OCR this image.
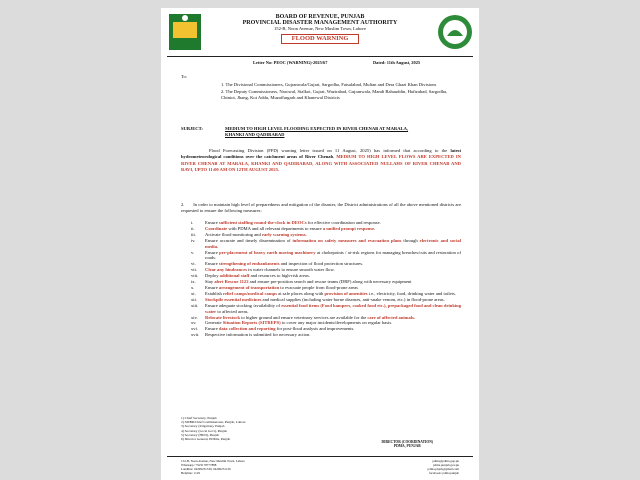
BOARD OF REVENUE, PUNJAB
PROVINCIAL DISASTER MANAGEMENT AUTHORITY
152-B, Noon Avenue, New Muslim Town, Lahore
FLOOD WARNING
Letter No: PEOC (WARNING)-2025/67	Dated: 11th August, 2025
To:
1. The Divisional Commissioners, Gujranwala/Gujrat, Sargodha, Faisalabad, Multan and Dera Ghazi Khan Divisions
2. The Deputy Commissioners, Narowal, Sialkot, Gujrat, Wazirabad, Gujranwala, Mandi Bahauddin, Hafizabad, Sargodha, Chiniot, Jhang, Kot Addu, Muzaffargarh and Khanewal Districts
SUBJECT:	MEDIUM TO HIGH LEVEL FLOODING EXPECTED IN RIVER CHENAB AT MARALA, KHANKI AND QADIRABAD
Flood Forecasting Division (FFD) warning letter issued on 11 August, 2025) has informed that according to the latest hydrometeorological conditions over the catchment areas of River Chenab, MEDIUM TO HIGH LEVEL FLOWS ARE EXPECTED IN RIVER CHENAB AT MARALA, KHANKI AND QADIRABAD, ALONG WITH ASSOCIATED NULLAHS OF RIVER CHENAB AND RAVI, UPTO 11:00 AM ON 12TH AUGUST 2025.
2. In order to maintain high level of preparedness and mitigation of the disaster, the District administrations of all the above mentioned districts are requested to ensure the following measures:
i.	Ensure sufficient staffing round-the-clock in DEOCs for effective coordination and response.
ii.	Coordinate with PDMA and all relevant departments to ensure a unified prompt response.
iii.	Activate flood monitoring and early warning systems.
iv.	Ensure accurate and timely dissemination of information on safety measures and evacuation plans through electronic and social media.
v.	Ensure pre-placement of heavy earth moving machinery at chokepoints / at-risk regions for managing breaches/cuts and restoration of roads.
vi.	Ensure strengthening of embankments and inspection of flood protection structures.
vii.	Clear any hindrances in water channels to ensure smooth water flow.
viii.	Deploy additional staff and resources to high-risk areas.
ix.	Stay alert Rescue 1122 and ensure pre-position search and rescue teams (DRF) along with necessary equipment
x.	Ensure arrangement of transportation to evacuate people from flood-prone areas
xi.	Establish relief camps/medical camps at safe places along with provision of amenities i.e., electricity, food, drinking water and toilets.
xii.	Stockpile essential medicines and medical supplies (including water borne diseases, anti-snake venom, etc.) in flood-prone areas.
xiii.	Ensure adequate stocking /availability of essential food items (Food hampers, cooked food etc.), prepackaged food and clean drinking water to affected areas.
xiv.	Relocate livestock to higher ground and ensure veterinary services are available for the care of affected animals.
xv.	Generate Situation Reports (SITREPS) to cover any major incidents/developments on regular basis.
xvi.	Ensure data collection and reporting for post-flood analysis and improvements.
xvii.	Respective information is submitted for necessary action.
1) Chief Secretary, Punjab
2) SMBR/Chief Commissioner, Punjab, Lahore
3) Secretary (Irrigation), Punjab
4) Secretary (Local Govt), Punjab
5) Secretary (HUD), Punjab
6) Director General, PDMA, Punjab
DIRECTOR (COORDINATION)
PDMA, PUNJAB
152-B, Noon Avenue, New Muslim Town, Lahore
Whatsapp: +923178777888
Landline: 04299231330, 04299231136
Helpline: 1129
pdma@pdma.gop.pk
pdma.punjab.gov.pk
pdma.pnjab@gmail.com
facebook: pdma.punjab
